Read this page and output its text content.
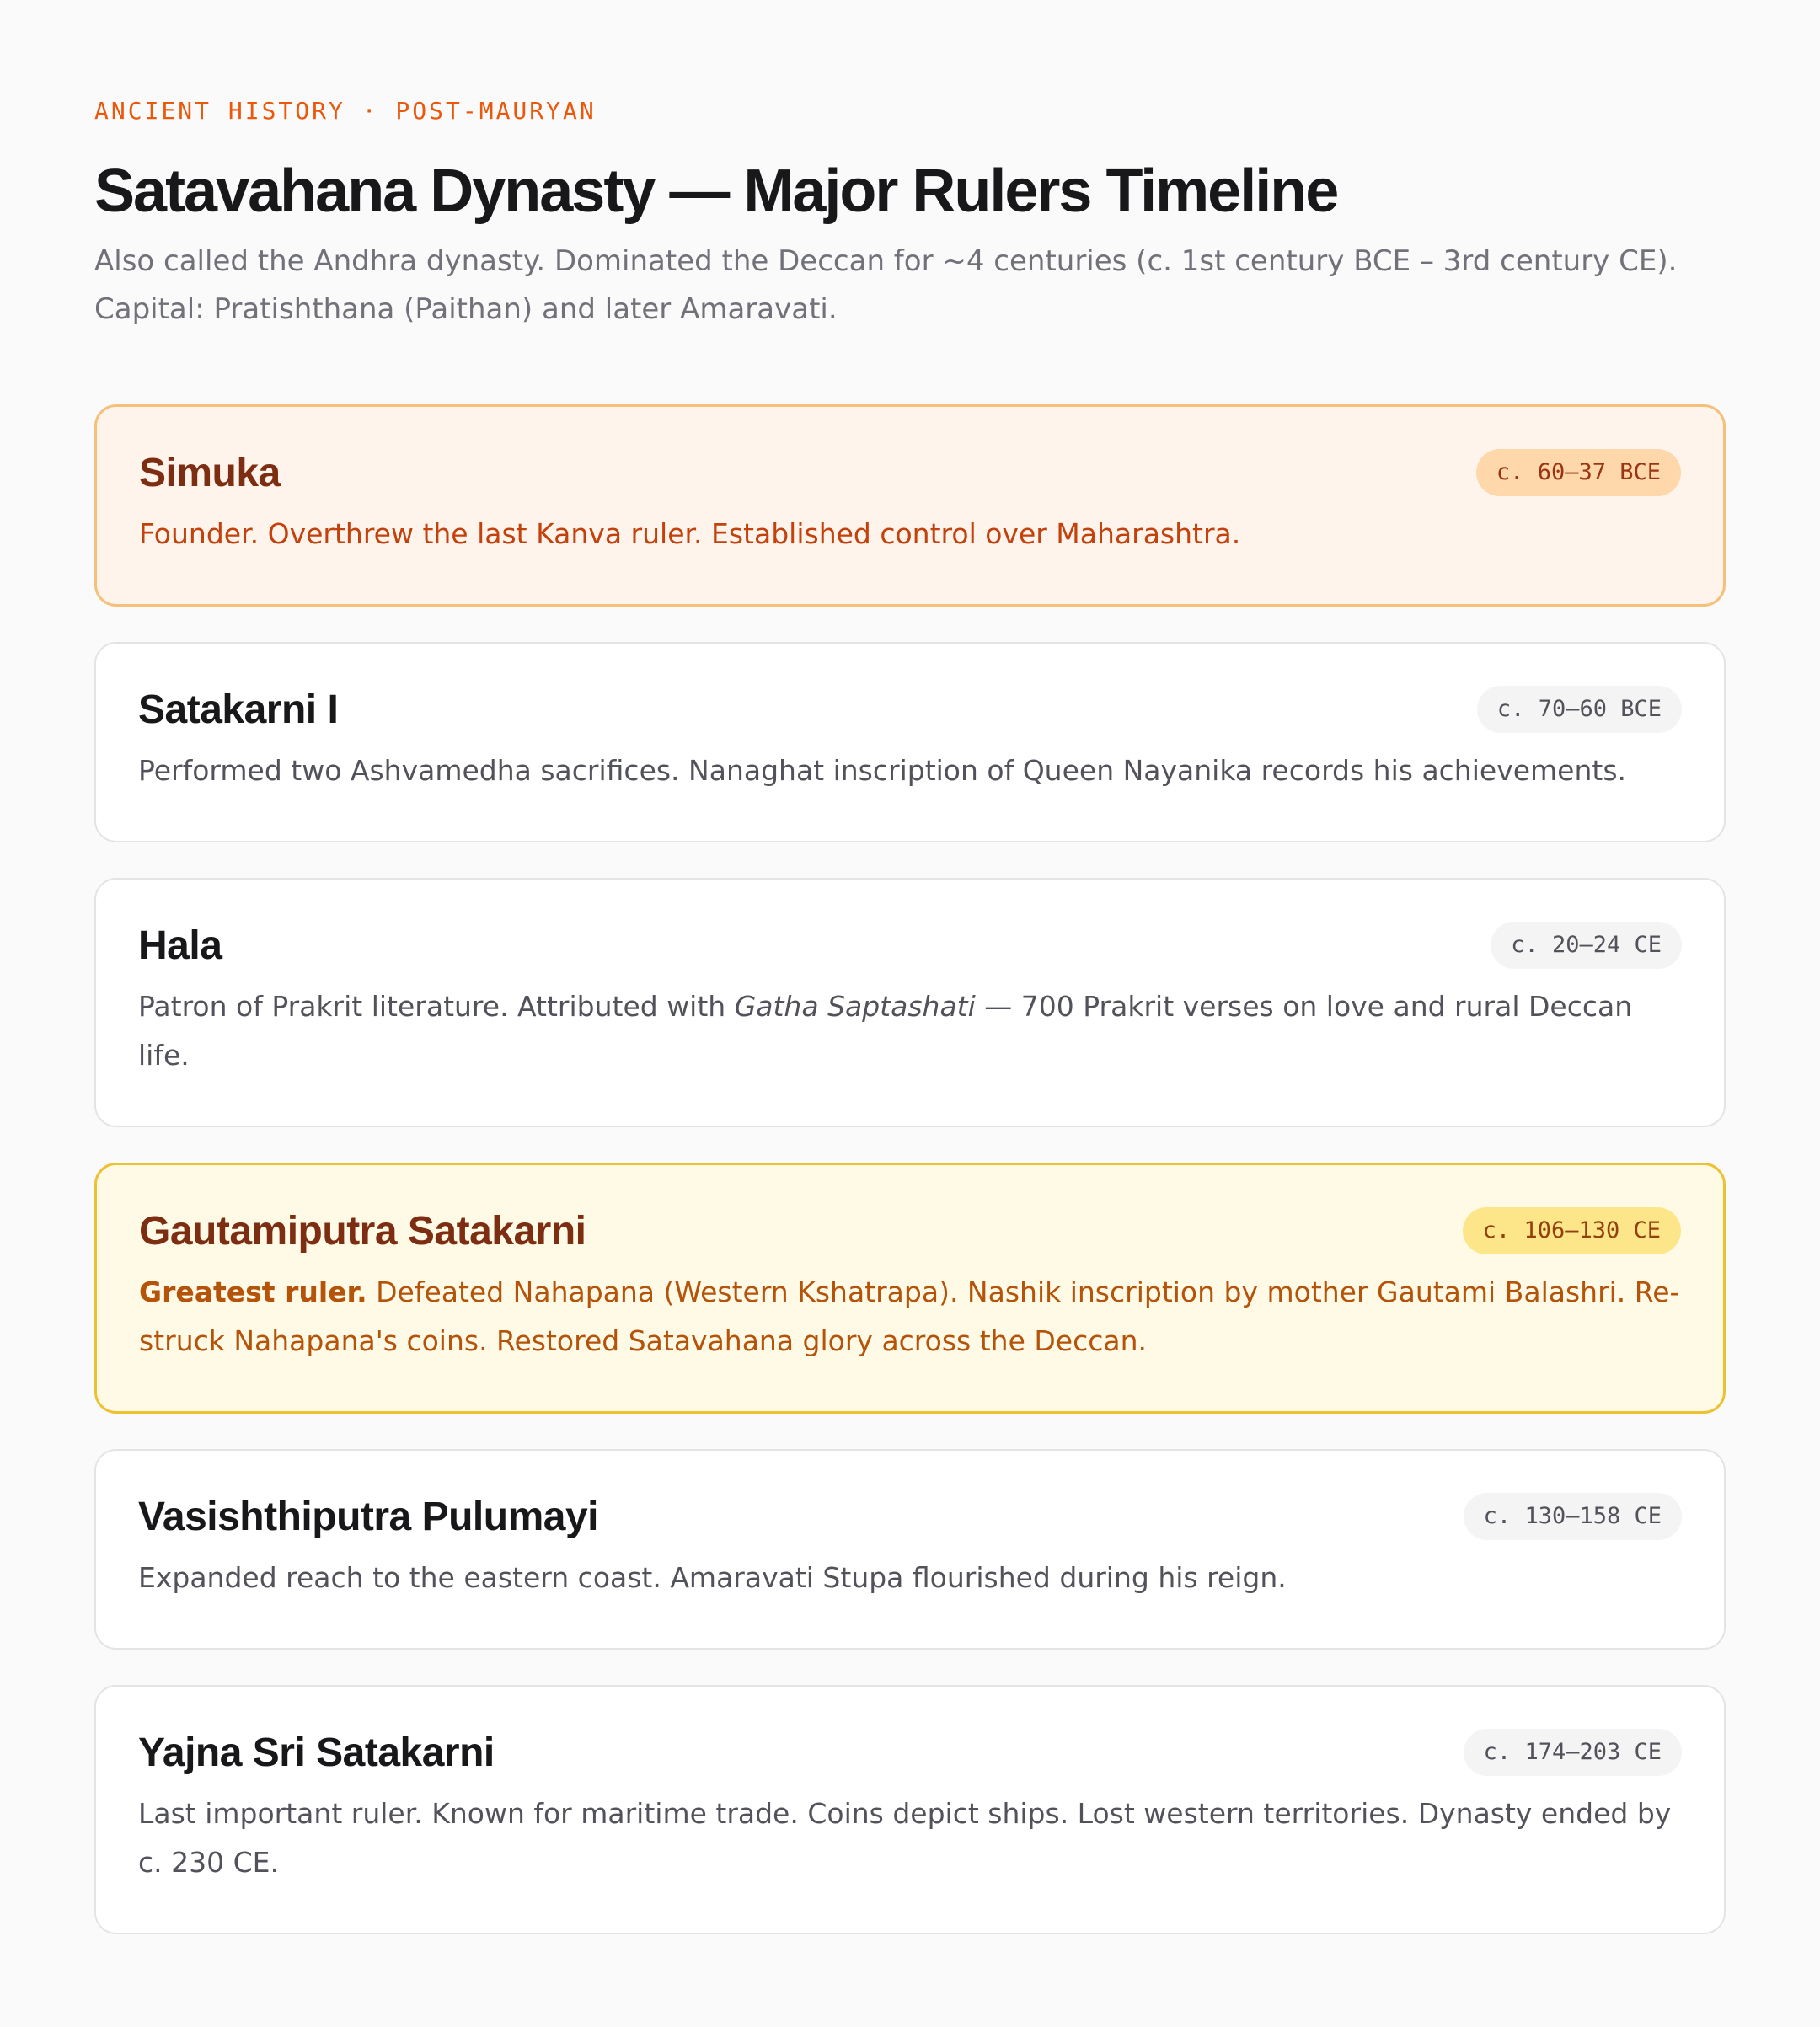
ANCIENT HISTORY · POST-MAURYAN
Satavahana Dynasty — Major Rulers Timeline

Also called the Andhra dynasty. Dominated the Deccan for ~4 centuries (c. 1st century BCE – 3rd century CE). Capital: Pratishthana (Paithan) and later Amaravati.

Simuka	c. 60–37 BCE
Founder. Overthrew the last Kanva ruler. Established control over Maharashtra.
Satakarni I	c. 70–60 BCE
Performed two Ashvamedha sacrifices. Nanaghat inscription of Queen Nayanika records his achievements.
Hala	c. 20–24 CE
Patron of Prakrit literature. Attributed with Gatha Saptashati — 700 Prakrit verses on love and rural Deccan life.
Gautamiputra Satakarni	c. 106–130 CE
Greatest ruler. Defeated Nahapana (Western Kshatrapa). Nashik inscription by mother Gautami Balashri. Re-struck Nahapana's coins. Restored Satavahana glory across the Deccan.
Vasishthiputra Pulumayi	c. 130–158 CE
Expanded reach to the eastern coast. Amaravati Stupa flourished during his reign.
Yajna Sri Satakarni	c. 174–203 CE
Last important ruler. Known for maritime trade. Coins depict ships. Lost western territories. Dynasty ended by c. 230 CE.
